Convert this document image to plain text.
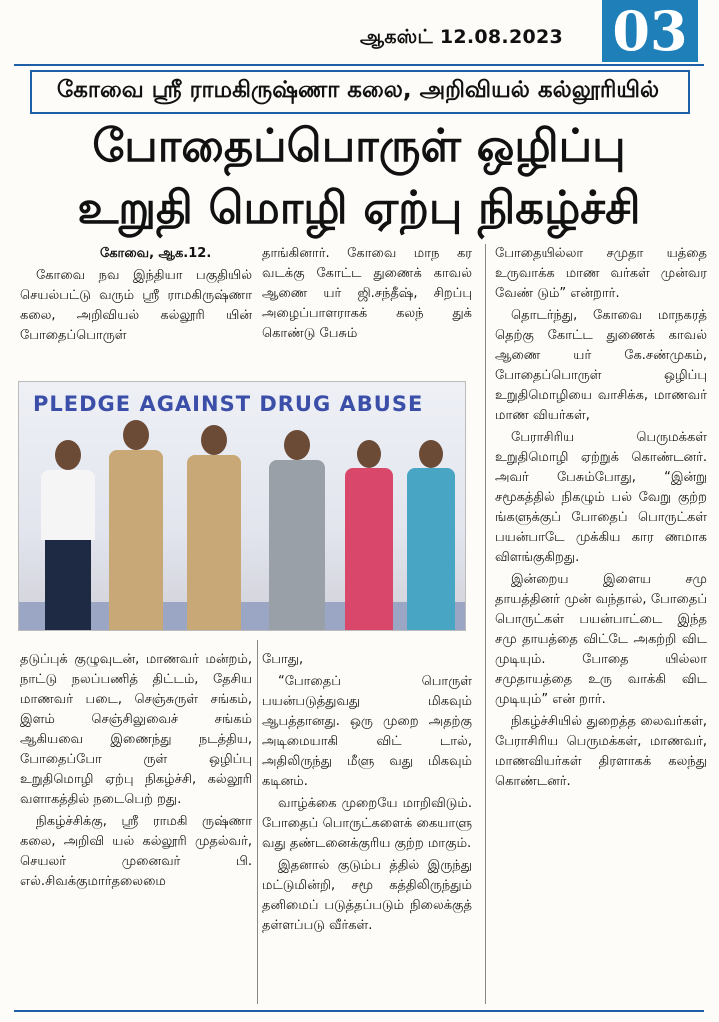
ஆகஸ்ட் 12.08.2023 03
கோவை ஸ்ரீ ராமகிருஷ்ணா கலை, அறிவியல் கல்லூரியில்
போதைப்பொருள் ஒழிப்பு
உறுதி மொழி ஏற்பு நிகழ்ச்சி

கோவை, ஆக.12.

கோவை நவ இந்தியா பகுதியில் செயல்பட்டு வரும் ஸ்ரீ ராமகிருஷ்ணா கலை, அறிவியல் கல்லூரி யின் போதைப்பொருள்

தாங்கினார். கோவை மாந கர வடக்கு கோட்ட துணைக் காவல் ஆணை யர் ஜி.சந்தீஷ், சிறப்பு அழைப்பாளராகக் கலந் துக் கொண்டு பேசும்

போதையில்லா சமுதா யத்தை உருவாக்க மாண வர்கள் முன்வர வேண் டும்” என்றார்.

தொடர்ந்து, கோவை மாநகரத் தெற்கு கோட்ட துணைக் காவல் ஆணை யர் கே.சண்முகம், போதைப்பொருள் ஒழிப்பு உறுதிமொழியை வாசிக்க, மாணவர் மாண வியர்கள்,

பேராசிரிய பெருமக்கள் உறுதிமொழி ஏற்றுக் கொண்டனர். அவர் பேசும்போது, “இன்று சமூகத்தில் நிகழும் பல் வேறு குற்ற ங்களுக்குப் போதைப் பொருட்கள் பயன்பாடே முக்கிய கார ணமாக விளங்குகிறது.

இன்றைய இளைய சமு தாயத்தினர் முன் வந்தால், போதைப் பொருட்கள் பயன்பாட்டை இந்த சமு தாயத்தை விட்டே அகற்றி விட முடியும். போதை யில்லா சமுதாயத்தை உரு வாக்கி விட முடியும்” என் றார்.

நிகழ்ச்சியில் துறைத்த லைவர்கள், பேராசிரிய பெருமக்கள், மாணவர், மாணவியர்கள் திரளாகக் கலந்து கொண்டனர்.

PLEDGE AGAINST DRUG ABUSE

தடுப்புக் குழுவுடன், மாணவர் மன்றம், நாட்டு நலப்பணித் திட்டம், தேசிய மாணவர் படை, செஞ்சுருள் சங்கம், இளம் செஞ்சிலுவைச் சங்கம் ஆகியவை இணைந்து நடத்திய, போதைப்போ ருள் ஒழிப்பு உறுதிமொழி ஏற்பு நிகழ்ச்சி, கல்லூரி வளாகத்தில் நடைபெற் றது.

நிகழ்ச்சிக்கு, ஸ்ரீ ராமகி ருஷ்ணா கலை, அறிவி யல் கல்லூரி முதல்வர், செயலர் முனைவர் பி. எல்.சிவக்குமார்தலைமை

போது,

“போதைப் பொருள் பயன்படுத்துவது மிகவும் ஆபத்தானது. ஒரு முறை அதற்கு அடிமையாகி விட் டால், அதிலிருந்து மீளு வது மிகவும் கடினம்.

வாழ்க்கை முறையே மாறிவிடும். போதைப் பொருட்களைக் கையாளு வது தண்டனைக்குரிய குற்ற மாகும்.

இதனால் குடும்ப த்தில் இருந்து மட்டுமின்றி, சமூ கத்திலிருந்தும் தனிமைப் படுத்தப்படும் நிலைக்குத் தள்ளப்படு வீர்கள்.
